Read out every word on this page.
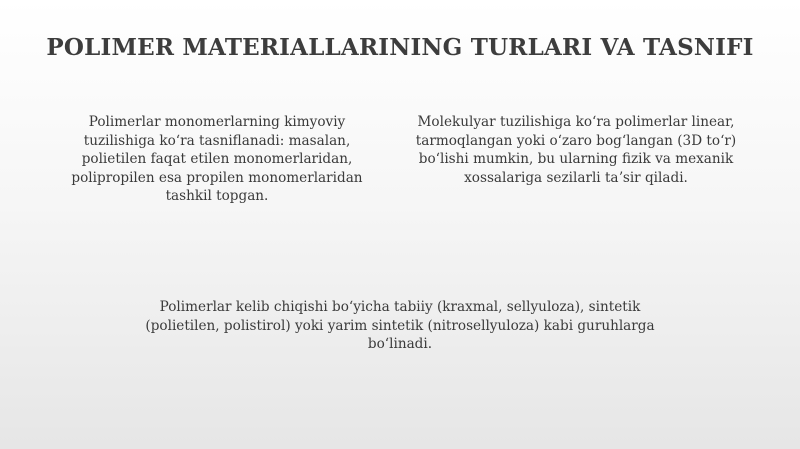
POLIMER MATERIALLARINING TURLARI VA TASNIFI

Polimerlar monomerlarning kimyoviy tuzilishiga koʻra tasniflanadi: masalan, polietilen faqat etilen monomerlaridan, polipropilen esa propilen monomerlaridan tashkil topgan.

Molekulyar tuzilishiga koʻra polimerlar linear, tarmoqlangan yoki oʻzaro bogʻlangan (3D toʻr) boʻlishi mumkin, bu ularning fizik va mexanik xossalariga sezilarli taʼsir qiladi.

Polimerlar kelib chiqishi boʻyicha tabiiy (kraxmal, sellyuloza), sintetik (polietilen, polistirol) yoki yarim sintetik (nitrosellyuloza) kabi guruhlarga boʻlinadi.
